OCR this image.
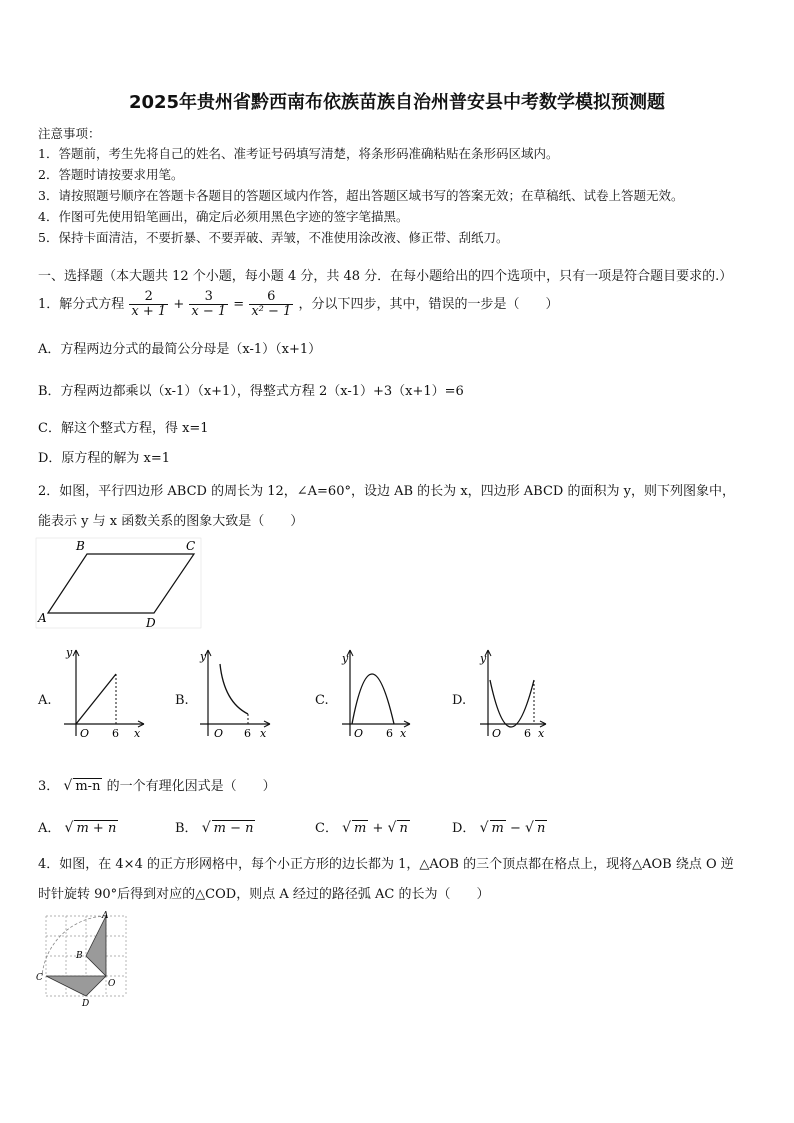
2025年贵州省黔西南布依族苗族自治州普安县中考数学模拟预测题
注意事项：
1．答题前，考生先将自己的姓名、准考证号码填写清楚，将条形码准确粘贴在条形码区域内。
2．答题时请按要求用笔。
3．请按照题号顺序在答题卡各题目的答题区域内作答，超出答题区域书写的答案无效；在草稿纸、试卷上答题无效。
4．作图可先使用铅笔画出，确定后必须用黑色字迹的签字笔描黑。
5．保持卡面清洁，不要折暴、不要弄破、弄皱，不准使用涂改液、修正带、刮纸刀。
一、选择题（本大题共 12 个小题，每小题 4 分，共 48 分．在每小题给出的四个选项中，只有一项是符合题目要求的.）
1．解分式方程 $\frac{2}{x + 1} + \frac{3}{x - 1} = \frac{6}{\text{x² − 1}}$ ，分以下四步，其中，错误的一步是（　　）
A．方程两边分式的最简公分母是（x-1）（x+1）
B．方程两边都乘以（x-1）（x+1），得整式方程 2（x-1）+3（x+1）=6
C．解这个整式方程，得 x=1
D．原方程的解为 x=1
2．如图，平行四边形 ABCD 的周长为 12，∠A=60°，设边 AB 的长为 x，四边形 ABCD 的面积为 y，则下列图象中，
能表示 y 与 x 函数关系的图象大致是（　　）
B	C
A	D
A.
y
O 6 x
B.
y
O 6 x
C.
y
O 6 x
D.
y
O 6 x
3． √ m-n 的一个有理化因式是（　　）
A． √ m + n	B． √ m − n	C． √ m + √ n	D． √ m − √ n
4．如图，在 4×4 的正方形网格中，每个小正方形的边长都为 1，△AOB 的三个顶点都在格点上，现将△AOB 绕点 O 逆
时针旋转 90°后得到对应的△COD，则点 A 经过的路径弧 AC 的长为（　　）
A
B
C
O
D
